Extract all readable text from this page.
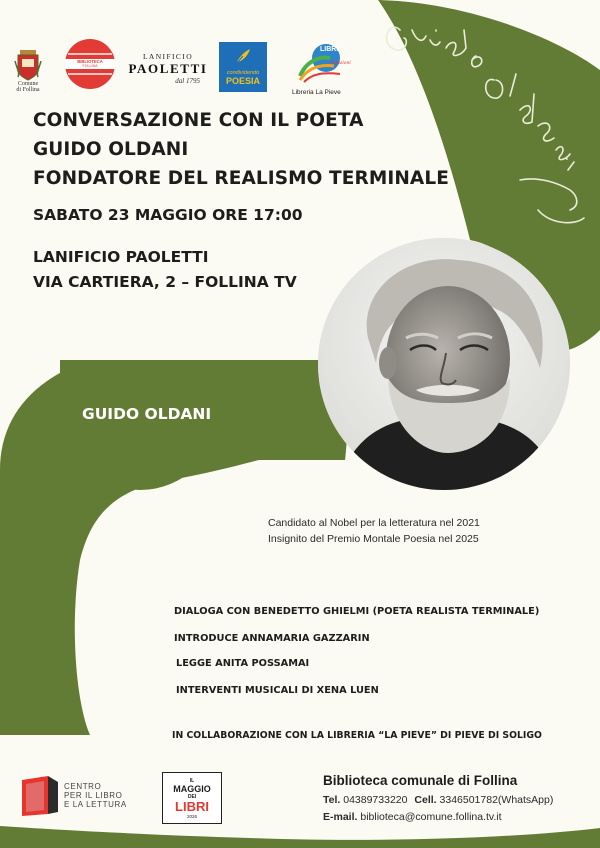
Comune
di Follina
BIBLIOTECA
FOLLINA
LANIFICIO
PAOLETTI
dal 1795
condividendo
POESIA
LIBRI
Emozioni
Libreria La Pieve
CONVERSAZIONE CON IL POETA
GUIDO OLDANI
FONDATORE DEL REALISMO TERMINALE
SABATO 23 MAGGIO ORE 17:00
LANIFICIO PAOLETTI
VIA CARTIERA, 2 – FOLLINA TV
GUIDO OLDANI
Candidato al Nobel per la letteratura nel 2021
Insignito del Premio Montale Poesia nel 2025
DIALOGA CON BENEDETTO GHIELMI (POETA REALISTA TERMINALE)
INTRODUCE ANNAMARIA GAZZARIN
LEGGE ANITA POSSAMAI
INTERVENTI MUSICALI DI XENA LUEN
IN COLLABORAZIONE CON LA LIBRERIA “LA PIEVE” DI PIEVE DI SOLIGO
CENTRO
PER IL LIBRO
E LA LETTURA
IL
MAGGIO
DEI
LIBRI
2026
Biblioteca comunale di Follina
Tel. 04389733220 Cell. 3346501782(WhatsApp)
E-mail. biblioteca@comune.follina.tv.it
